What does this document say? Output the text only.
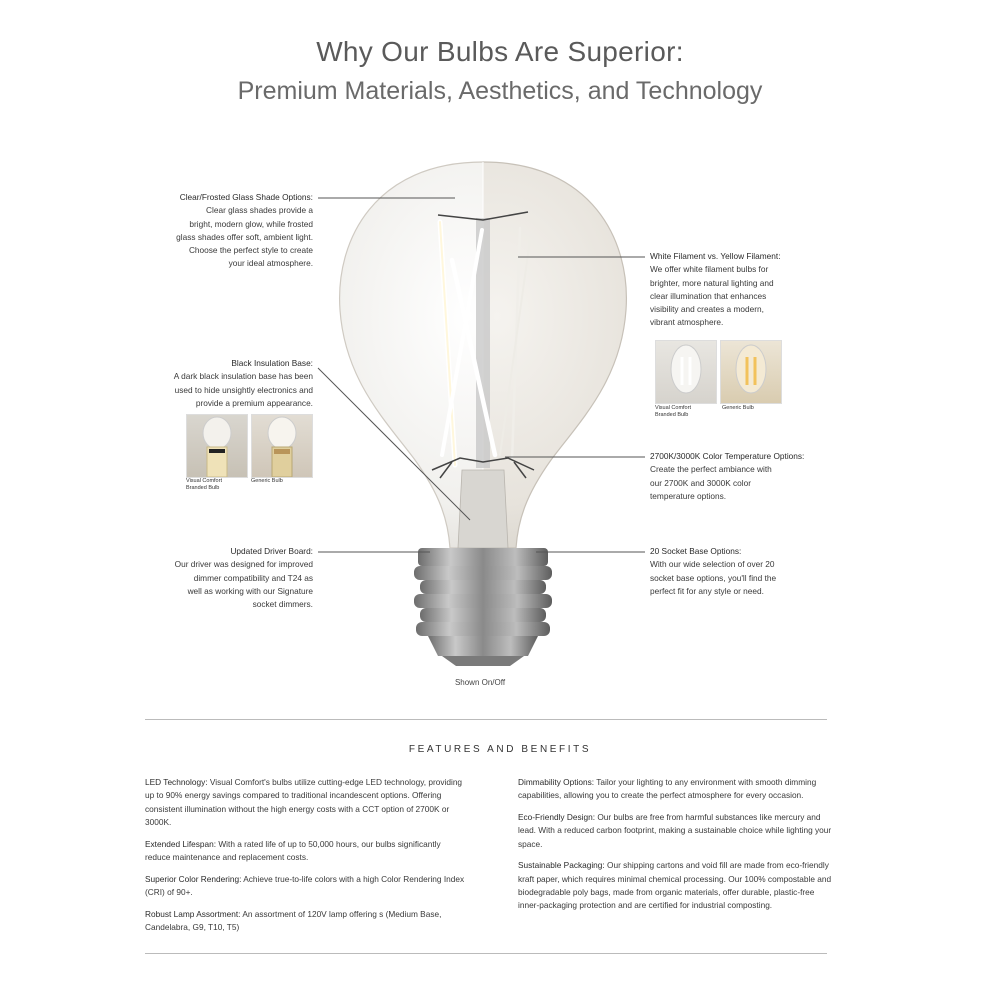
Why Our Bulbs Are Superior:
Premium Materials, Aesthetics, and Technology
Clear/Frosted Glass Shade Options:
Clear glass shades provide a
bright, modern glow, while frosted
glass shades offer soft, ambient light.
Choose the perfect style to create
your ideal atmosphere.
Black Insulation Base:
A dark black insulation base has been
used to hide unsightly electronics and
provide a premium appearance.
Visual Comfort
Branded Bulb
Generic Bulb
Updated Driver Board:
Our driver was designed for improved
dimmer compatibility and T24 as
well as working with our Signature
socket dimmers.
White Filament vs. Yellow Filament:
We offer white filament bulbs for
brighter, more natural lighting and
clear illumination that enhances
visibility and creates a modern,
vibrant atmosphere.
Visual Comfort
Branded Bulb
Generic Bulb
2700K/3000K Color Temperature Options:
Create the perfect ambiance with
our 2700K and 3000K color
temperature options.
20 Socket Base Options:
With our wide selection of over 20
socket base options, you'll find the
perfect fit for any style or need.
Shown On/Off
FEATURES AND BENEFITS

LED Technology: Visual Comfort's bulbs utilize cutting-edge LED technology, providing up to 90% energy savings compared to traditional incandescent options. Offering consistent illumination without the high energy costs with a CCT option of 2700K or 3000K.

Extended Lifespan: With a rated life of up to 50,000 hours, our bulbs significantly reduce maintenance and replacement costs.

Superior Color Rendering: Achieve true-to-life colors with a high Color Rendering Index (CRI) of 90+.

Robust Lamp Assortment: An assortment of 120V lamp offering s (Medium Base, Candelabra, G9, T10, T5)

Dimmability Options: Tailor your lighting to any environment with smooth dimming capabilities, allowing you to create the perfect atmosphere for every occasion.

Eco-Friendly Design: Our bulbs are free from harmful substances like mercury and lead. With a reduced carbon footprint, making a sustainable choice while lighting your space.

Sustainable Packaging: Our shipping cartons and void fill are made from eco-friendly kraft paper, which requires minimal chemical processing. Our 100% compostable and biodegradable poly bags, made from organic materials, offer durable, plastic-free inner-packaging protection and are certified for industrial composting.
